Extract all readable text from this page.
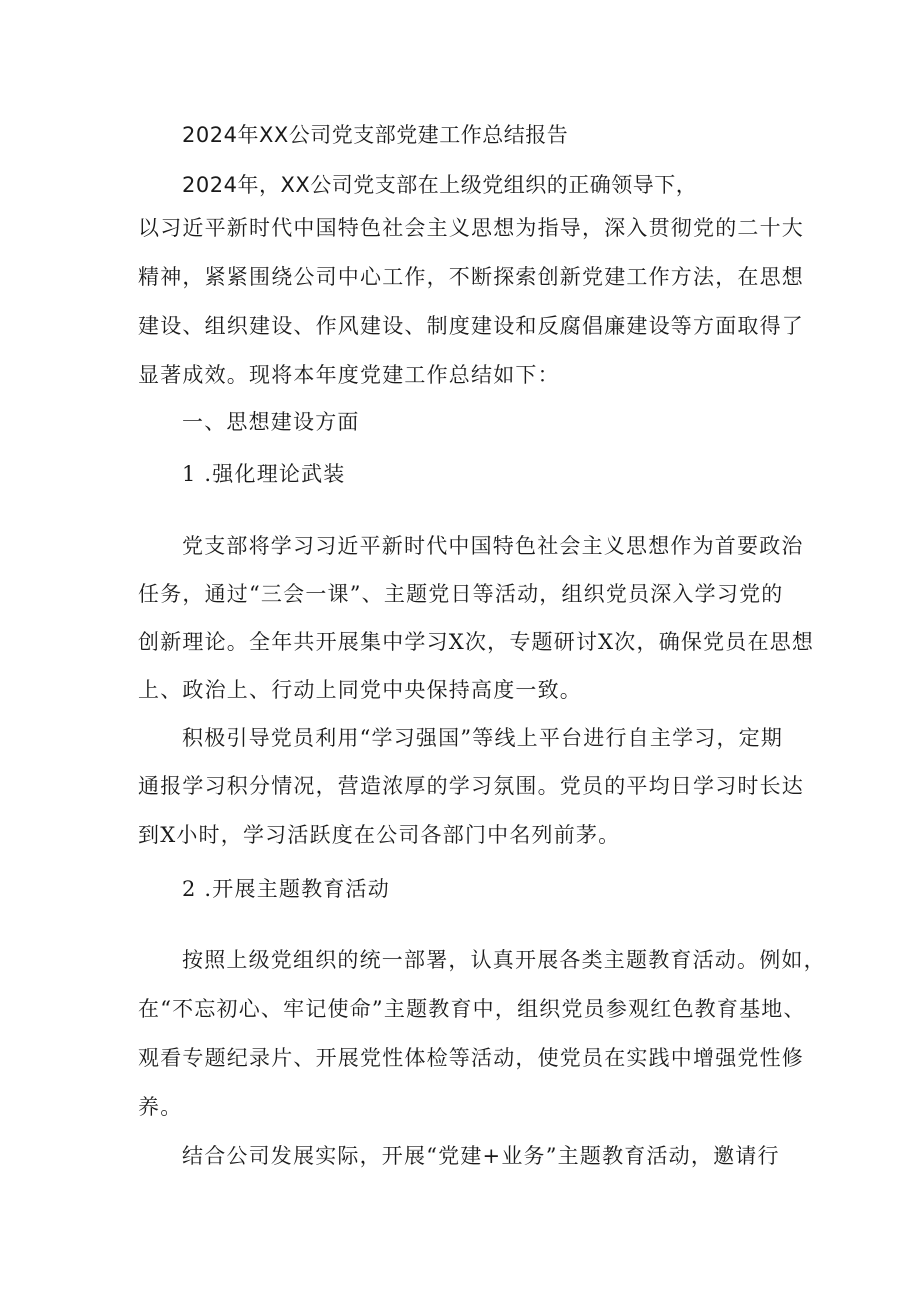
2024年XX公司党支部党建工作总结报告
2024年，XX公司党支部在上级党组织的正确领导下，
以习近平新时代中国特色社会主义思想为指导，深入贯彻党的二十大
精神，紧紧围绕公司中心工作，不断探索创新党建工作方法，在思想
建设、组织建设、作风建设、制度建设和反腐倡廉建设等方面取得了
显著成效。现将本年度党建工作总结如下：
一、思想建设方面
1 .强化理论武装
党支部将学习习近平新时代中国特色社会主义思想作为首要政治
任务，通过“三会一课”、主题党日等活动，组织党员深入学习党的
创新理论。全年共开展集中学习X次，专题研讨X次，确保党员在思想
上、政治上、行动上同党中央保持高度一致。
积极引导党员利用“学习强国”等线上平台进行自主学习，定期
通报学习积分情况，营造浓厚的学习氛围。党员的平均日学习时长达
到X小时，学习活跃度在公司各部门中名列前茅。
2 .开展主题教育活动
按照上级党组织的统一部署，认真开展各类主题教育活动。例如，
在“不忘初心、牢记使命”主题教育中，组织党员参观红色教育基地、
观看专题纪录片、开展党性体检等活动，使党员在实践中增强党性修
养。
结合公司发展实际，开展“党建+业务”主题教育活动，邀请行
